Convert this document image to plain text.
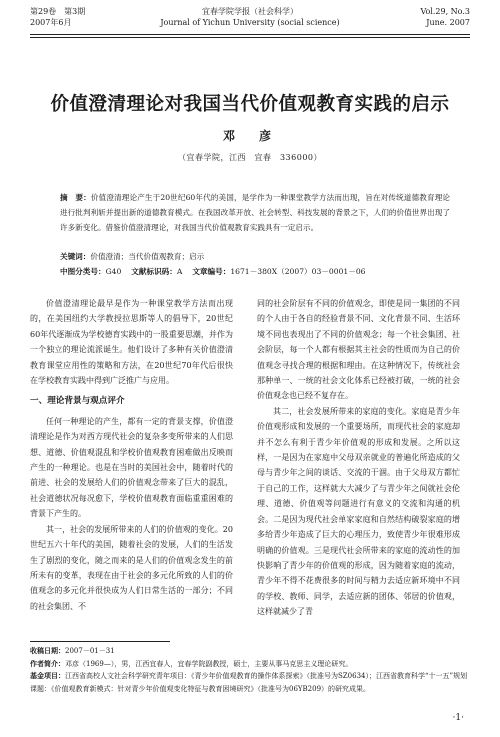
第29卷　第3期
2007年6月
宜春学院学报（社会科学）
Journal of Yichun University (social science)
Vol.29, No.3
June. 2007
价值澄清理论对我国当代价值观教育实践的启示
邓　彦
（宜春学院，江西　宜春　336000）
摘　要：价值澄清理论产生于20世纪60年代的美国，是学作为一种课堂教学方法而出现，旨在对传统道德教育理论进行批判利斩并提出新的道德教育模式。在我国改革开放、社会转型、科技发展的背景之下，人们的价值世界出现了许多新变化。借鉴价值澄清理论，对我国当代价值观教育实践具有一定启示。
关键词：价值澄清；当代价值观教育；启示
中图分类号：G40 文献标识码：A 文章编号：1671－380X（2007）03－0001－06

价值澄清理论最早是作为一种课堂教学方法而出现的，在美国纽约大学教授拉思斯等人的倡导下，20世纪60年代逐渐成为学校德育实践中的一股重要思潮，并作为一个独立的理论流派诞生。他们设计了多种有关价值澄清教育课堂应用性的策略和方法，在20世纪70年代后很快在学校教育实践中得到广泛推广与应用。

一、理论背景与观点评介

任何一种理论的产生，都有一定的背景支撑，价值澄清理论是作为对西方现代社会的复杂多变所带来的人们思想、道德、价值观混乱和学校价值观教育困难做出反映而产生的一种理论。也是在当时的美国社会中，随着时代的前进、社会的发展给人们的价值观念带来了巨大的混乱，社会道德状况每况愈下，学校价值观教育面临重重困难的背景下产生的。

其一，社会的发展所带来的人们的价值观的变化。20世纪五六十年代的美国，随着社会的发展，人们的生活发生了剧烈的变化，随之而来的是人们的价值观念发生的前所未有的变革，表现在由于社会的多元化所致的人们的价值观念的多元化并很快成为人们日常生活的一部分；不同的社会集团、不

同的社会阶层有不同的价值观念，即使是同一集团的不同的个人由于各自的经验背景不同、文化背景不同、生活环境不同也表现出了不同的价值观念；每一个社会集团、社会阶层，每一个人都有根据其主社会的性质而为自己的价值观念寻找合理的根据和理由。在这种情况下，传统社会那种单一、一统的社会文化体系已经被打破，一统的社会价值观念也已经不复存在。

其二，社会发展所带来的家庭的变化。家庭是青少年价值观形成和发展的一个重要场所，而现代社会的家庭却并不怎么有利于青少年价值观的形成和发展。之所以这样，一是因为在家庭中父母双亲就业的普遍化所造成的父母与青少年之间的谈话、交流的干涸。由于父母双方都忙于自己的工作，这样就大大减少了与青少年之间就社会伦理、道德、价值观等问题进行有意义的交流和沟通的机会。二是因为现代社会单家家庭和自然结构破裂家庭的增多给青少年造成了巨大的心理压力，致使青少年很难形成明确的价值观。三是现代社会所带来的家庭的流动性的加快影响了青少年的价值观的形成，因为随着家庭的流动，青少年不得不花费很多的时间与精力去适应新环境中不同的学校、教师、同学，去适应新的团体、邻居的价值观，这样就减少了青

收稿日期：2007－01－31
作者简介：邓彦（1969—），男，江西宜春人，宜春学院副教授，硕士，主要从事马克思主义理论研究。
基金项目：江西省高校人文社会科学研究青年项目：《青少年价值观教育的操作体系探索》（批准号为SZ0634）；江西省教育科学“十一五”规划课题：《价值观教育新模式：针对青少年价值观变化特征与教育困境研究》（批准号为06YB209）的研究成果。
·1·
